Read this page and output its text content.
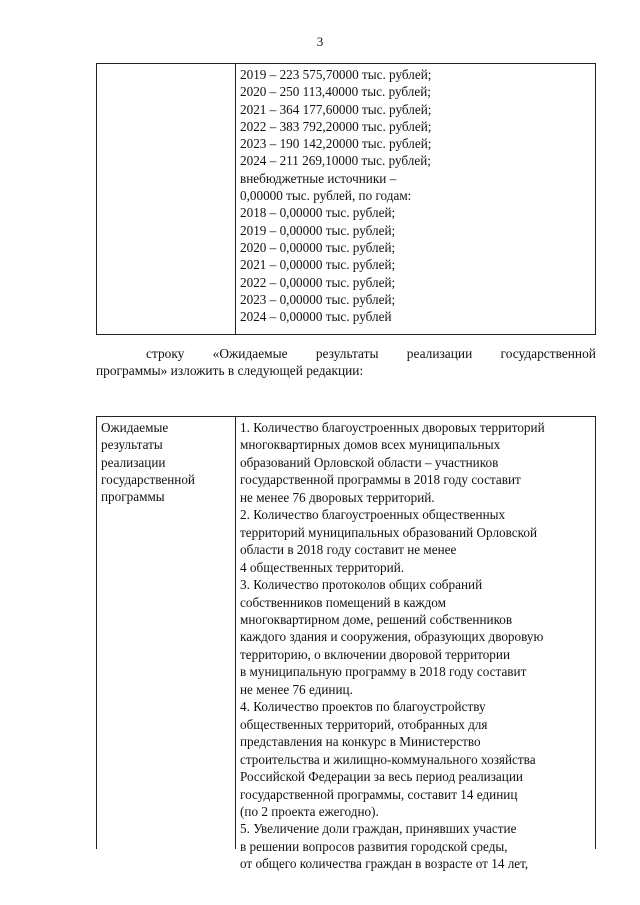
3
2019 – 223 575,70000 тыс. рублей;
2020 – 250 113,40000 тыс. рублей;
2021 – 364 177,60000 тыс. рублей;
2022 – 383 792,20000 тыс. рублей;
2023 – 190 142,20000 тыс. рублей;
2024 – 211 269,10000 тыс. рублей;
внебюджетные источники –
0,00000 тыс. рублей, по годам:
2018 – 0,00000 тыс. рублей;
2019 – 0,00000 тыс. рублей;
2020 – 0,00000 тыс. рублей;
2021 – 0,00000 тыс. рублей;
2022 – 0,00000 тыс. рублей;
2023 – 0,00000 тыс. рублей;
2024 – 0,00000 тыс. рублей
строку «Ожидаемые результаты реализации государственной
программы» изложить в следующей редакции:
Ожидаемые
результаты
реализации
государственной
программы
1. Количество благоустроенных дворовых территорий
многоквартирных домов всех муниципальных
образований Орловской области – участников
государственной программы в 2018 году составит
не менее 76 дворовых территорий.
2. Количество благоустроенных общественных
территорий муниципальных образований Орловской
области в 2018 году составит не менее
4 общественных территорий.
3. Количество протоколов общих собраний
собственников помещений в каждом
многоквартирном доме, решений собственников
каждого здания и сооружения, образующих дворовую
территорию, о включении дворовой территории
в муниципальную программу в 2018 году составит
не менее 76 единиц.
4. Количество проектов по благоустройству
общественных территорий, отобранных для
представления на конкурс в Министерство
строительства и жилищно-коммунального хозяйства
Российской Федерации за весь период реализации
государственной программы, составит 14 единиц
(по 2 проекта ежегодно).
5. Увеличение доли граждан, принявших участие
в решении вопросов развития городской среды,
от общего количества граждан в возрасте от 14 лет,
